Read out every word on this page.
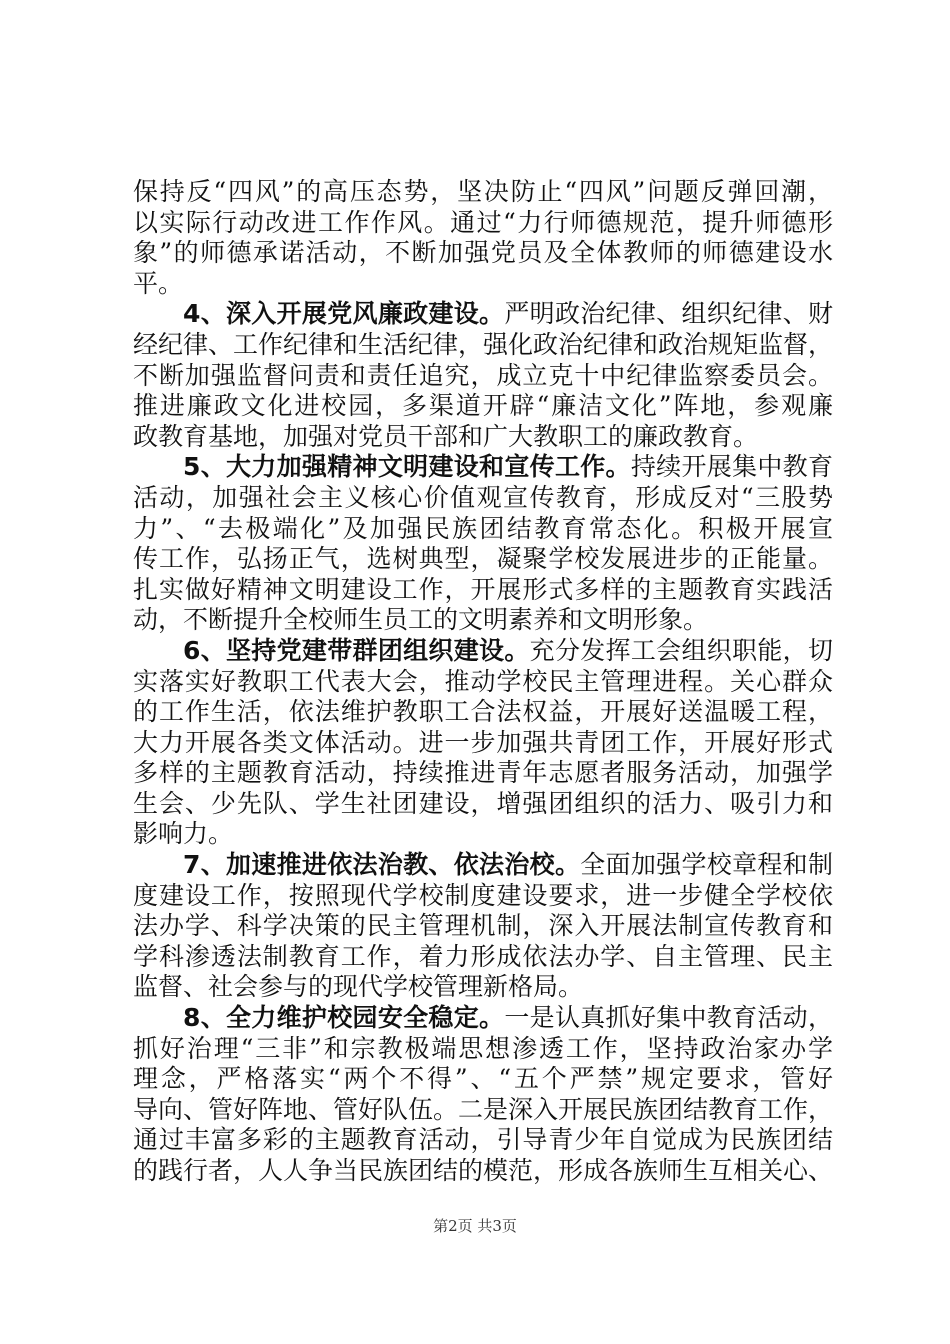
保持反“四风”的高压态势，坚决防止“四风”问题反弹回潮，
以实际行动改进工作作风。通过“力行师德规范，提升师德形
象”的师德承诺活动，不断加强党员及全体教师的师德建设水
平。
4、深入开展党风廉政建设。严明政治纪律、组织纪律、财
经纪律、工作纪律和生活纪律，强化政治纪律和政治规矩监督，
不断加强监督问责和责任追究，成立克十中纪律监察委员会。
推进廉政文化进校园，多渠道开辟“廉洁文化”阵地，参观廉
政教育基地，加强对党员干部和广大教职工的廉政教育。
5、大力加强精神文明建设和宣传工作。持续开展集中教育
活动，加强社会主义核心价值观宣传教育，形成反对“三股势
力”、“去极端化”及加强民族团结教育常态化。积极开展宣
传工作，弘扬正气，选树典型，凝聚学校发展进步的正能量。
扎实做好精神文明建设工作，开展形式多样的主题教育实践活
动，不断提升全校师生员工的文明素养和文明形象。
6、坚持党建带群团组织建设。充分发挥工会组织职能，切
实落实好教职工代表大会，推动学校民主管理进程。关心群众
的工作生活，依法维护教职工合法权益，开展好送温暖工程，
大力开展各类文体活动。进一步加强共青团工作，开展好形式
多样的主题教育活动，持续推进青年志愿者服务活动，加强学
生会、少先队、学生社团建设，增强团组织的活力、吸引力和
影响力。
7、加速推进依法治教、依法治校。全面加强学校章程和制
度建设工作，按照现代学校制度建设要求，进一步健全学校依
法办学、科学决策的民主管理机制，深入开展法制宣传教育和
学科渗透法制教育工作，着力形成依法办学、自主管理、民主
监督、社会参与的现代学校管理新格局。
8、全力维护校园安全稳定。一是认真抓好集中教育活动，
抓好治理“三非”和宗教极端思想渗透工作，坚持政治家办学
理念，严格落实“两个不得”、“五个严禁”规定要求，管好
导向、管好阵地、管好队伍。二是深入开展民族团结教育工作，
通过丰富多彩的主题教育活动，引导青少年自觉成为民族团结
的践行者，人人争当民族团结的模范，形成各族师生互相关心、
第2页 共3页
